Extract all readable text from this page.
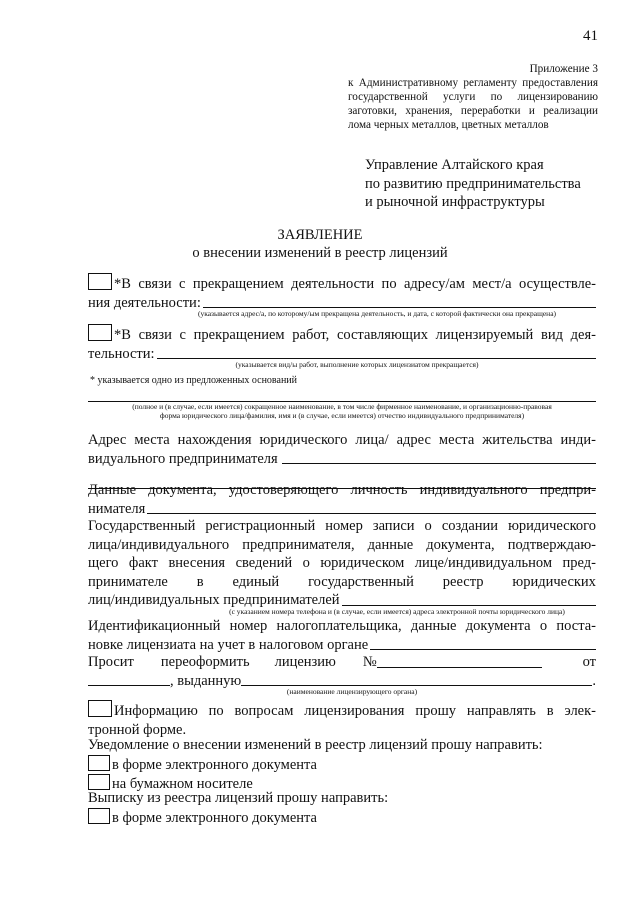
41
Приложение 3
к Административному регламенту предоставления государственной услуги по лицензированию заготовки, хранения, переработки и реализации лома черных металлов, цветных металлов
Управление Алтайского края
по развитию предпринимательства
и рыночной инфраструктуры
ЗАЯВЛЕНИЕ
о внесении изменений в реестр лицензий
*В связи с прекращением деятельности по адресу/ам мест/а осуществле-
ния деятельности:
(указывается адрес/а, по которому/ым прекращена деятельность, и дата, с которой фактически она прекращена)
*В связи с прекращением работ, составляющих лицензируемый вид дея-
тельности:
(указывается вид/ы работ, выполнение которых лицензиатом прекращается)
* указывается одно из предложенных оснований
(полное и (в случае, если имеется) сокращенное наименование, в том числе фирменное наименование, и организационно-правовая
форма юридического лица/фамилия, имя и (в случае, если имеется) отчество индивидуального предпринимателя)
Адрес места нахождения юридического лица/ адрес места жительства инди-
видуального предпринимателя
Данные документа, удостоверяющего личность индивидуального предпри-
нимателя
Государственный регистрационный номер записи о создании юридического
лица/индивидуального предпринимателя, данные документа, подтверждаю-
щего факт внесения сведений о юридическом лице/индивидуальном пред-
принимателе в единый государственный реестр юридических
лиц/индивидуальных предпринимателей
(с указанием номера телефона и (в случае, если имеется) адреса электронной почты юридического лица)
Идентификационный номер налогоплательщика, данные документа о поста-
новке лицензиата на учет в налоговом органе
Просит переоформить лицензию №	от
, выданную	.
(наименование лицензирующего органа)
Информацию по вопросам лицензирования прошу направлять в элек-
тронной форме.
Уведомление о внесении изменений в реестр лицензий прошу направить:
в форме электронного документа
на бумажном носителе
Выписку из реестра лицензий прошу направить:
в форме электронного документа
